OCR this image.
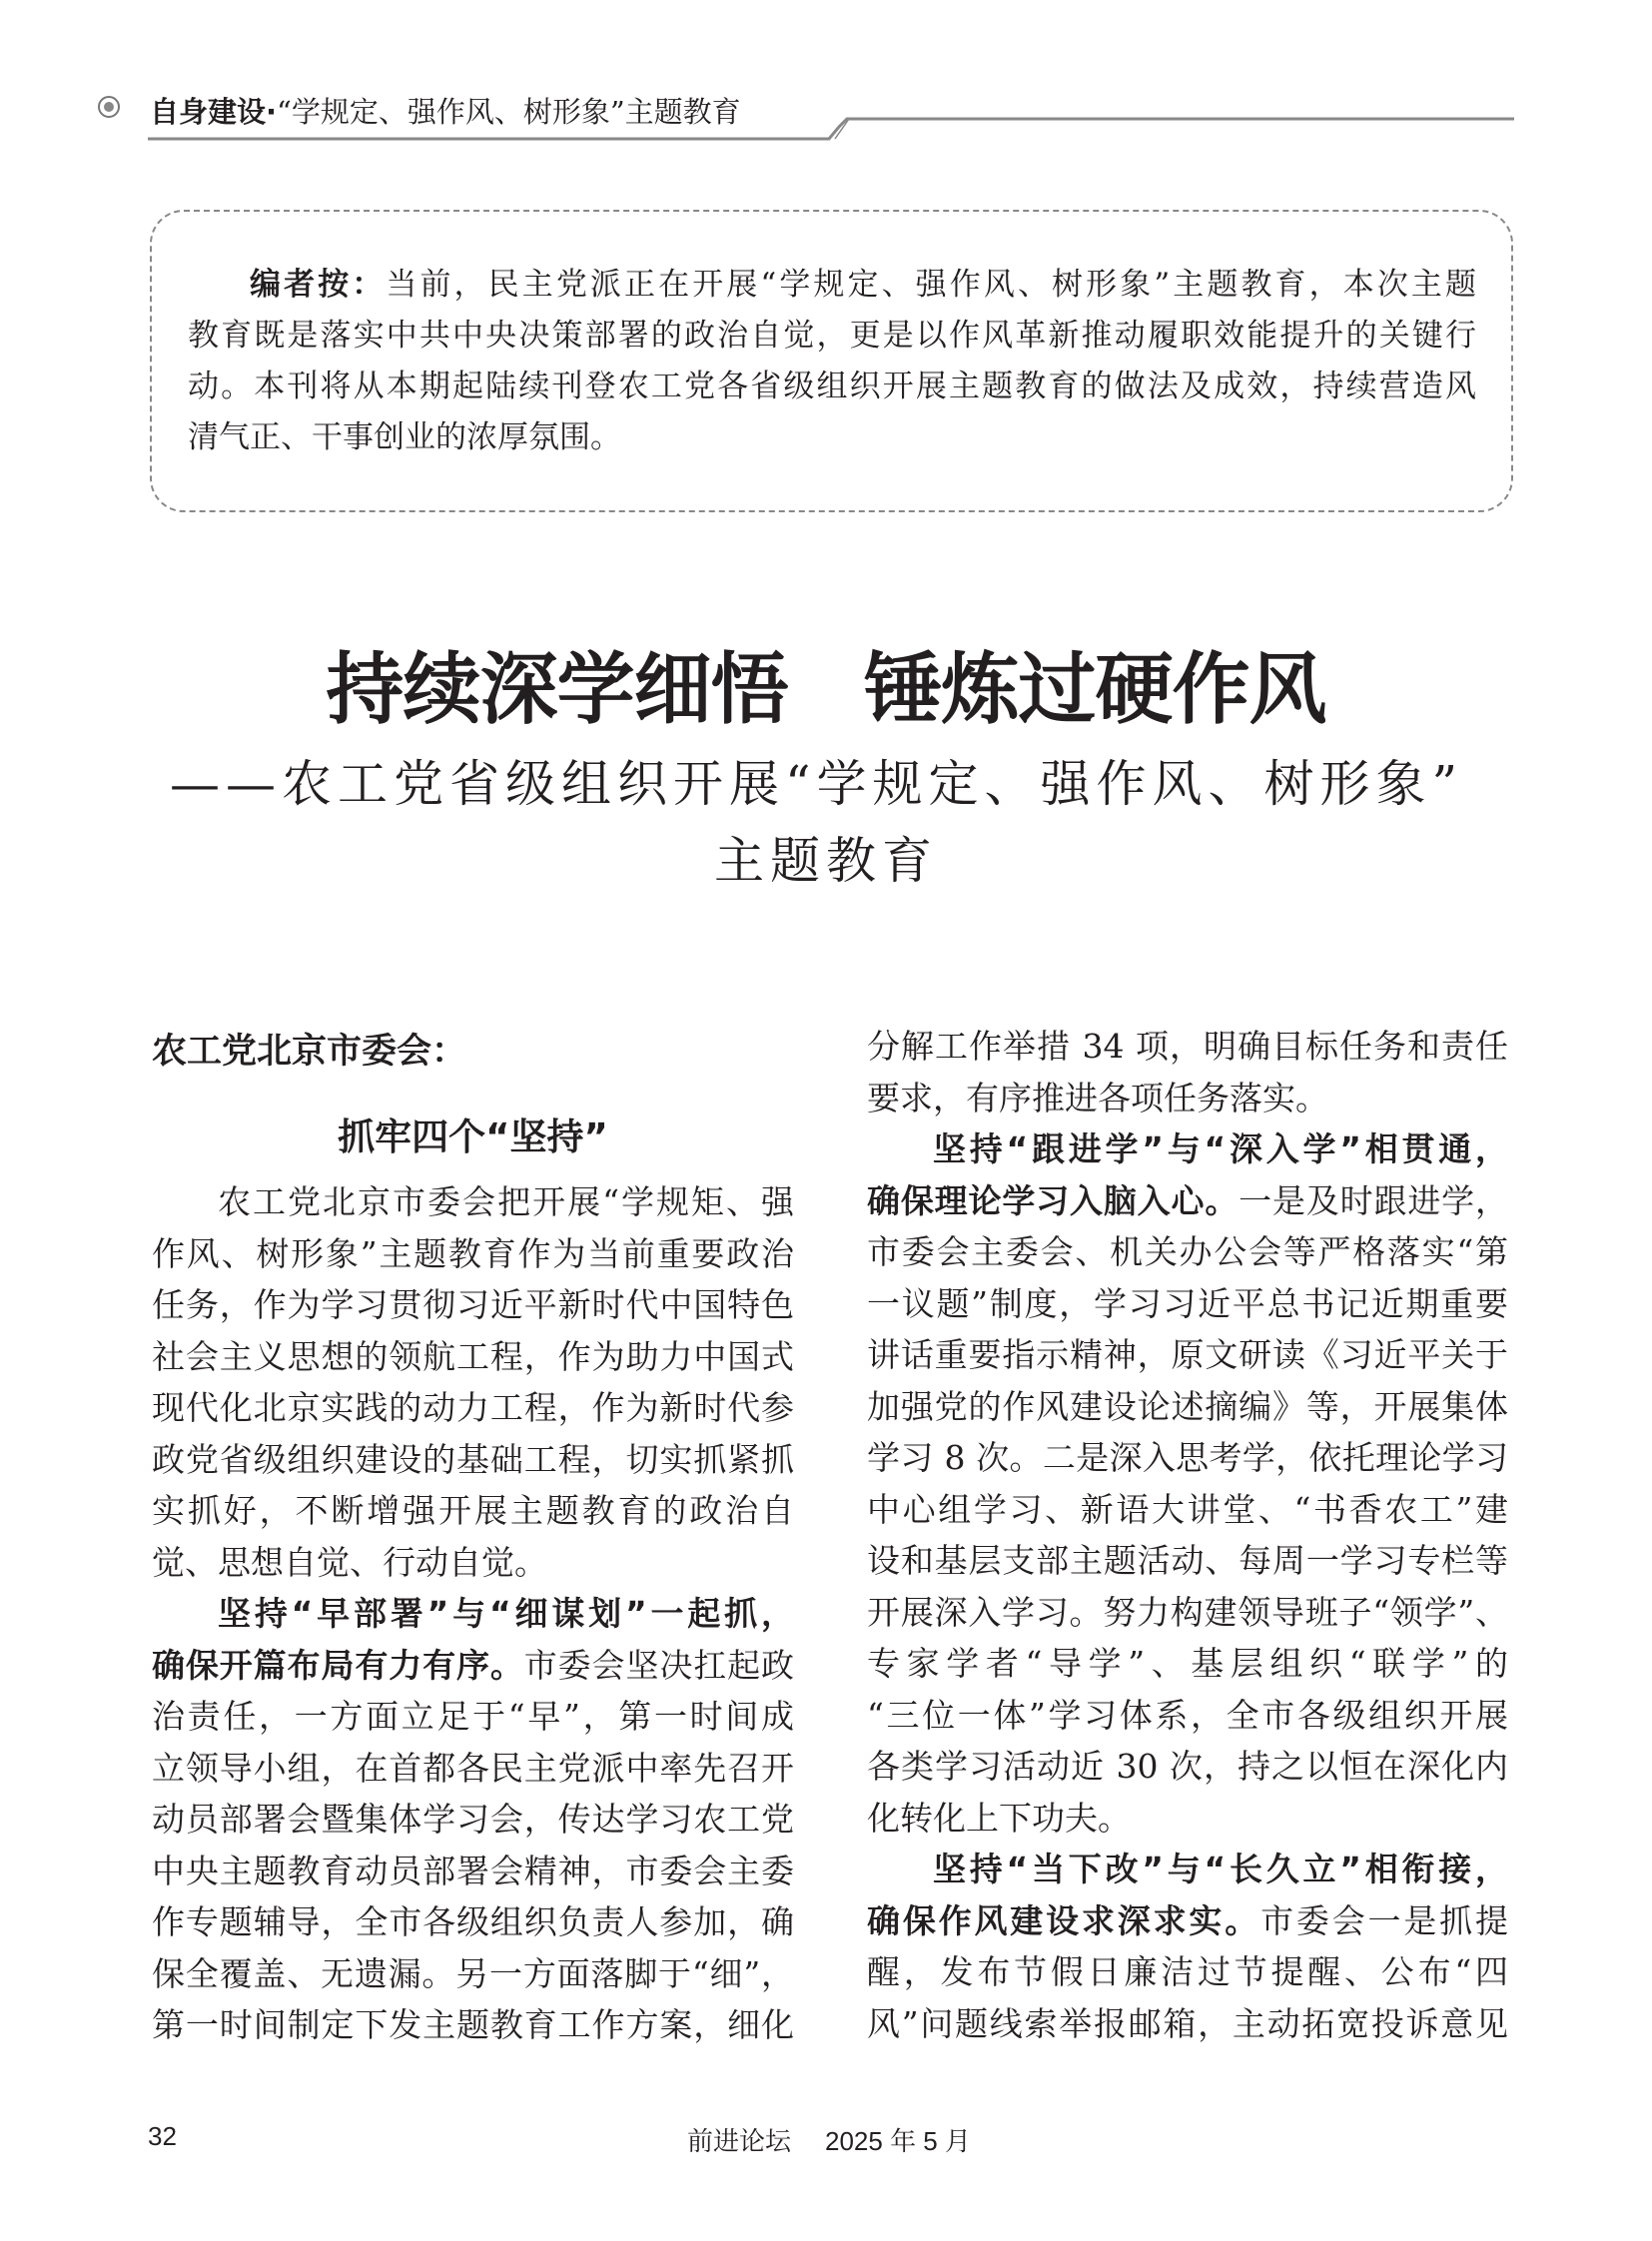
自身建设·“学规定、强作风、树形象”主题教育
编者按：当前，民主党派正在开展“学规定、强作风、树形象”主题教育，本次主题
教育既是落实中共中央决策部署的政治自觉，更是以作风革新推动履职效能提升的关键行
动。本刊将从本期起陆续刊登农工党各省级组织开展主题教育的做法及成效，持续营造风
清气正、干事创业的浓厚氛围。
持续深学细悟　锤炼过硬作风
——农工党省级组织开展“学规定、强作风、树形象”
主题教育
农工党北京市委会：
抓牢四个“坚持”
农工党北京市委会把开展“学规矩、强
作风、树形象”主题教育作为当前重要政治
任务，作为学习贯彻习近平新时代中国特色
社会主义思想的领航工程，作为助力中国式
现代化北京实践的动力工程，作为新时代参
政党省级组织建设的基础工程，切实抓紧抓
实抓好，不断增强开展主题教育的政治自
觉、思想自觉、行动自觉。
坚持“早部署”与“细谋划”一起抓，
确保开篇布局有力有序。市委会坚决扛起政
治责任，一方面立足于“早”，第一时间成
立领导小组，在首都各民主党派中率先召开
动员部署会暨集体学习会，传达学习农工党
中央主题教育动员部署会精神，市委会主委
作专题辅导，全市各级组织负责人参加，确
保全覆盖、无遗漏。另一方面落脚于“细”，
第一时间制定下发主题教育工作方案，细化
分解工作举措 34 项，明确目标任务和责任
要求，有序推进各项任务落实。
坚持“跟进学”与“深入学”相贯通，
确保理论学习入脑入心。一是及时跟进学，
市委会主委会、机关办公会等严格落实“第
一议题”制度，学习习近平总书记近期重要
讲话重要指示精神，原文研读《习近平关于
加强党的作风建设论述摘编》等，开展集体
学习 8 次。二是深入思考学，依托理论学习
中心组学习、新语大讲堂、“书香农工”建
设和基层支部主题活动、每周一学习专栏等
开展深入学习。努力构建领导班子“领学”、
专家学者“导学”、基层组织“联学”的
“三位一体”学习体系，全市各级组织开展
各类学习活动近 30 次，持之以恒在深化内
化转化上下功夫。
坚持“当下改”与“长久立”相衔接，
确保作风建设求深求实。市委会一是抓提
醒，发布节假日廉洁过节提醒、公布“四
风”问题线索举报邮箱，主动拓宽投诉意见
32	前进论坛 2025 年 5 月
